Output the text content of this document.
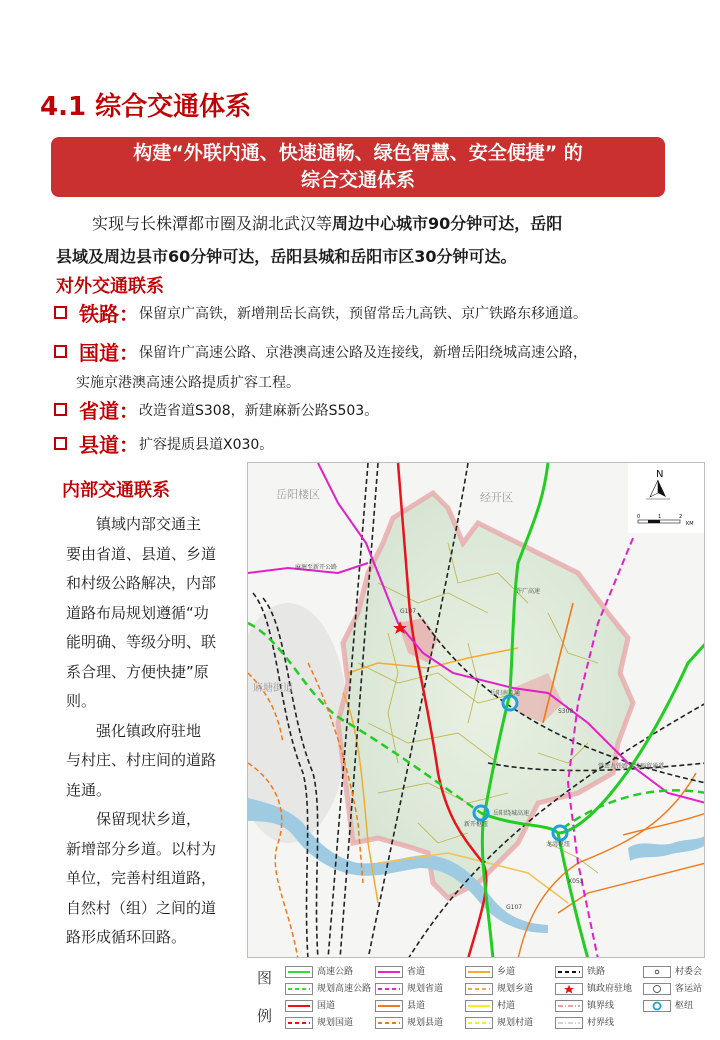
4.1 综合交通体系
构建“外联内通、快速通畅、绿色智慧、安全便捷” 的
综合交通体系
实现与长株潭都市圈及湖北武汉等周边中心城市90分钟可达，岳阳
县域及周边县市60分钟可达，岳阳县城和岳阳市区30分钟可达。
对外交通联系
铁路：保留京广高铁，新增荆岳长高铁，预留常岳九高铁、京广铁路东移通道。
国道：保留许广高速公路、京港澳高速公路及连接线，新增岳阳绕城高速公路，
实施京港澳高速公路提质扩容工程。
省道：改造省道S308，新建麻新公路S503。
县道：扩容提质县道X030。
内部交通联系

镇域内部交通主
要由省道、县道、乡道
和村级公路解决，内部
道路布局规划遵循“功
能明确、等级分明、联
系合理、方便快捷”原
则。

强化镇政府驻地
与村庄、村庄间的道路
连通。

保留现状乡道，
新增部分乡道。以村为
单位，完善村组道路，
自然村（组）之间的道
路形成循环回路。

岳阳楼区	经开区
麻塘街道
麻塘至新开公路
G107
岳阳南互通
新开枢纽
龙湾枢纽
岳阳绕城高速
常岳九铁路北线预留通道
X053
G107
S308
许广高速
N
0	1	2
KM
图
例
高速公路
规划高速公路
国道
规划国道
省道
规划省道
县道
规划县道
乡道
规划乡道
村道
规划村道
铁路
镇政府驻地
镇界线
村界线
村委会
客运站
枢纽
